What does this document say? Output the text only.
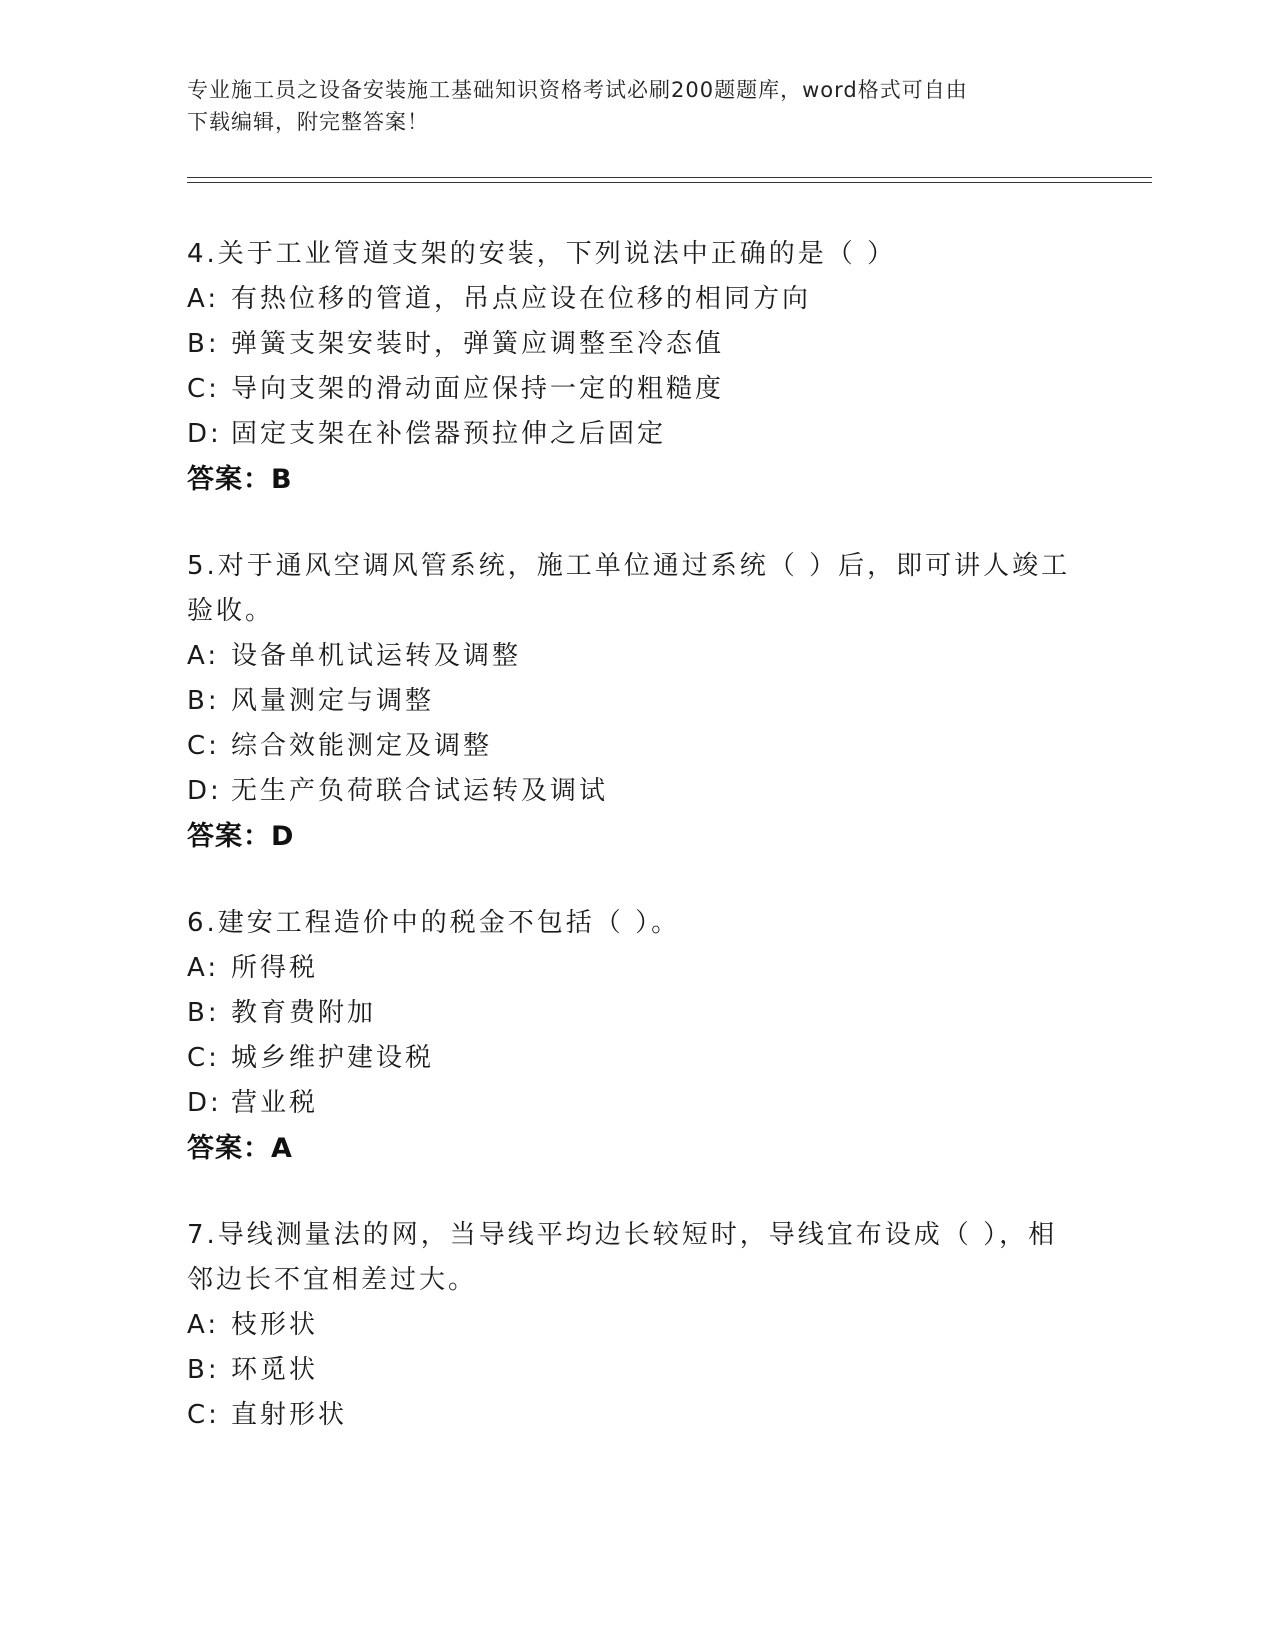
专业施工员之设备安装施工基础知识资格考试必刷200题题库，word格式可自由
下载编辑，附完整答案！
4.关于工业管道支架的安装，下列说法中正确的是（ ）
A: 有热位移的管道，吊点应设在位移的相同方向
B: 弹簧支架安装时，弹簧应调整至冷态值
C: 导向支架的滑动面应保持一定的粗糙度
D: 固定支架在补偿器预拉伸之后固定
答案：B
5.对于通风空调风管系统，施工单位通过系统（ ）后，即可讲人竣工
验收。
A: 设备单机试运转及调整
B: 风量测定与调整
C: 综合效能测定及调整
D: 无生产负荷联合试运转及调试
答案：D
6.建安工程造价中的税金不包括（ ）。
A: 所得税
B: 教育费附加
C: 城乡维护建设税
D: 营业税
答案：A
7.导线测量法的网，当导线平均边长较短时，导线宜布设成（ ），相
邻边长不宜相差过大。
A: 枝形状
B: 环觅状
C: 直射形状
